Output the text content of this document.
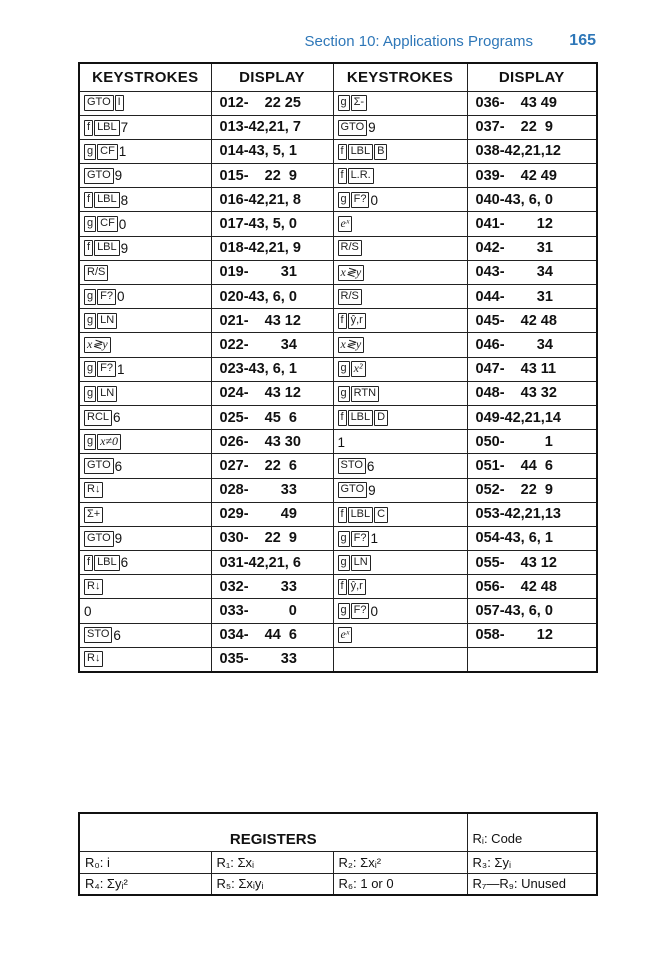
Section 10: Applications Programs 165
KEYSTROKES	DISPLAY	KEYSTROKES	DISPLAY
GTO I	012-    22 25	g Σ-	036-    43 49
f LBL 7	013-42,21, 7	GTO 9	037-    22  9
g CF 1	014-43, 5, 1	f LBL B	038-42,21,12
GTO 9	015-    22  9	f L.R.	039-    42 49
f LBL 8	016-42,21, 8	g F? 0	040-43, 6, 0
g CF 0	017-43, 5, 0	eˣ	041-        12
f LBL 9	018-42,21, 9	R/S	042-        31
R/S	019-        31	x≷y	043-        34
g F? 0	020-43, 6, 0	R/S	044-        31
g LN	021-    43 12	f ŷ,r	045-    42 48
x≷y	022-        34	x≷y	046-        34
g F? 1	023-43, 6, 1	g x²	047-    43 11
g LN	024-    43 12	g RTN	048-    43 32
RCL 6	025-    45  6	f LBL D	049-42,21,14
g x≠0	026-    43 30	1	050-          1
GTO 6	027-    22  6	STO 6	051-    44  6
R↓	028-        33	GTO 9	052-    22  9
Σ+	029-        49	f LBL C	053-42,21,13
GTO 9	030-    22  9	g F? 1	054-43, 6, 1
f LBL 6	031-42,21, 6	g LN	055-    43 12
R↓	032-        33	f ŷ,r	056-    42 48
0	033-          0	g F? 0	057-43, 6, 0
STO 6	034-    44  6	eˣ	058-        12
R↓	035-        33		
REGISTERS			Rᵢ: Code
R₀: i	R₁: Σxᵢ	R₂: Σxᵢ²	R₃: Σyᵢ
R₄: Σyᵢ²	R₅: Σxᵢyᵢ	R₆: 1 or 0	R₇—R₉: Unused
